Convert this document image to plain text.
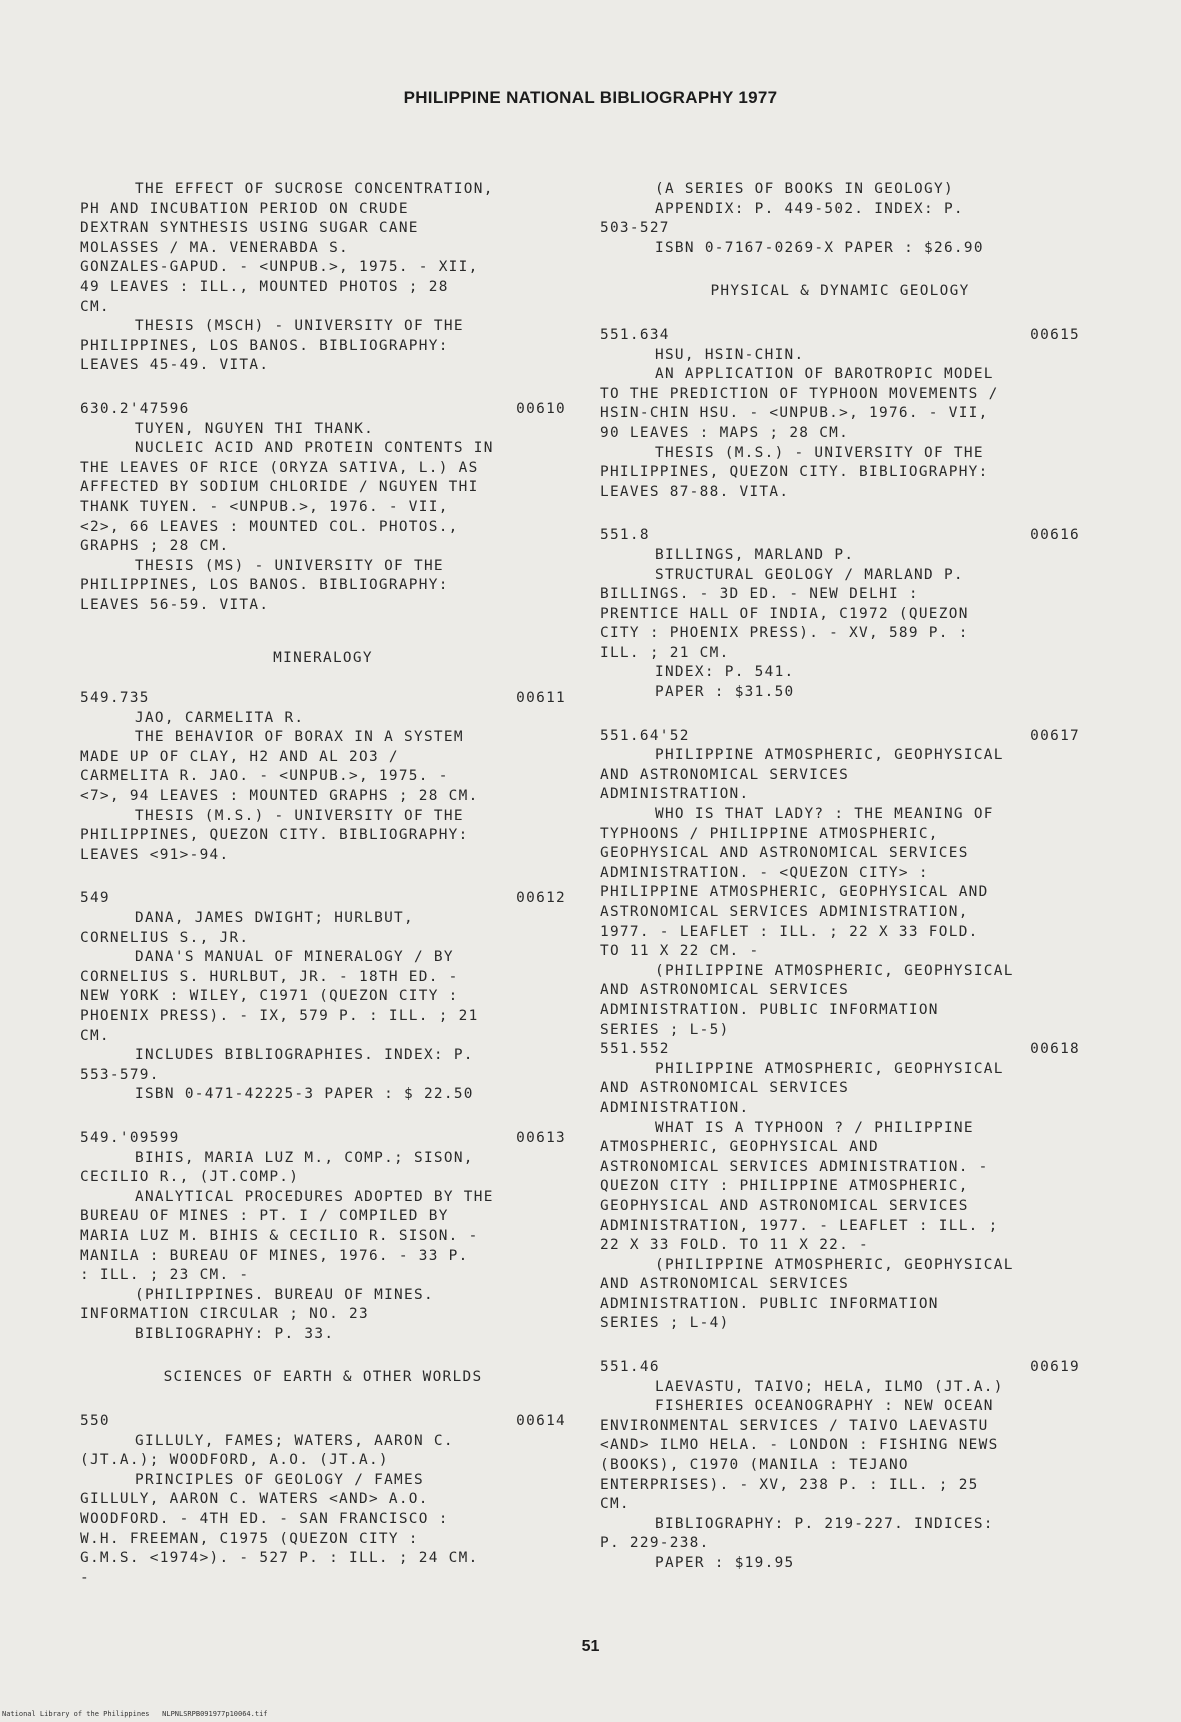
PHILIPPINE NATIONAL BIBLIOGRAPHY 1977
THE EFFECT OF SUCROSE CONCENTRATION,
PH AND INCUBATION PERIOD ON CRUDE
DEXTRAN SYNTHESIS USING SUGAR CANE
MOLASSES / MA. VENERABDA S.
GONZALES-GAPUD. - <UNPUB.>, 1975. - XII,
49 LEAVES : ILL., MOUNTED PHOTOS ; 28
CM.
THESIS (MSCH) - UNIVERSITY OF THE
PHILIPPINES, LOS BANOS. BIBLIOGRAPHY:
LEAVES 45-49. VITA.
630.2'47596	00610
TUYEN, NGUYEN THI THANK.
NUCLEIC ACID AND PROTEIN CONTENTS IN
THE LEAVES OF RICE (ORYZA SATIVA, L.) AS
AFFECTED BY SODIUM CHLORIDE / NGUYEN THI
THANK TUYEN. - <UNPUB.>, 1976. - VII,
<2>, 66 LEAVES : MOUNTED COL. PHOTOS.,
GRAPHS ; 28 CM.
THESIS (MS) - UNIVERSITY OF THE
PHILIPPINES, LOS BANOS. BIBLIOGRAPHY:
LEAVES 56-59. VITA.
MINERALOGY
549.735	00611
JAO, CARMELITA R.
THE BEHAVIOR OF BORAX IN A SYSTEM
MADE UP OF CLAY, H2 AND AL 2O3 /
CARMELITA R. JAO. - <UNPUB.>, 1975. -
<7>, 94 LEAVES : MOUNTED GRAPHS ; 28 CM.
THESIS (M.S.) - UNIVERSITY OF THE
PHILIPPINES, QUEZON CITY. BIBLIOGRAPHY:
LEAVES <91>-94.
549	00612
DANA, JAMES DWIGHT; HURLBUT,
CORNELIUS S., JR.
DANA'S MANUAL OF MINERALOGY / BY
CORNELIUS S. HURLBUT, JR. - 18TH ED. -
NEW YORK : WILEY, C1971 (QUEZON CITY :
PHOENIX PRESS). - IX, 579 P. : ILL. ; 21
CM.
INCLUDES BIBLIOGRAPHIES. INDEX: P.
553-579.
ISBN 0-471-42225-3 PAPER : $ 22.50
549.'09599	00613
BIHIS, MARIA LUZ M., COMP.; SISON,
CECILIO R., (JT.COMP.)
ANALYTICAL PROCEDURES ADOPTED BY THE
BUREAU OF MINES : PT. I / COMPILED BY
MARIA LUZ M. BIHIS & CECILIO R. SISON. -
MANILA : BUREAU OF MINES, 1976. - 33 P.
: ILL. ; 23 CM. -
(PHILIPPINES. BUREAU OF MINES.
INFORMATION CIRCULAR ; NO. 23
BIBLIOGRAPHY: P. 33.
SCIENCES OF EARTH & OTHER WORLDS
550	00614
GILLULY, FAMES; WATERS, AARON C.
(JT.A.); WOODFORD, A.O. (JT.A.)
PRINCIPLES OF GEOLOGY / FAMES
GILLULY, AARON C. WATERS <AND> A.O.
WOODFORD. - 4TH ED. - SAN FRANCISCO :
W.H. FREEMAN, C1975 (QUEZON CITY :
G.M.S. <1974>). - 527 P. : ILL. ; 24 CM.
-
(A SERIES OF BOOKS IN GEOLOGY)
APPENDIX: P. 449-502. INDEX: P.
503-527
ISBN 0-7167-0269-X PAPER : $26.90
PHYSICAL & DYNAMIC GEOLOGY
551.634	00615
HSU, HSIN-CHIN.
AN APPLICATION OF BAROTROPIC MODEL
TO THE PREDICTION OF TYPHOON MOVEMENTS /
HSIN-CHIN HSU. - <UNPUB.>, 1976. - VII,
90 LEAVES : MAPS ; 28 CM.
THESIS (M.S.) - UNIVERSITY OF THE
PHILIPPINES, QUEZON CITY. BIBLIOGRAPHY:
LEAVES 87-88. VITA.
551.8	00616
BILLINGS, MARLAND P.
STRUCTURAL GEOLOGY / MARLAND P.
BILLINGS. - 3D ED. - NEW DELHI :
PRENTICE HALL OF INDIA, C1972 (QUEZON
CITY : PHOENIX PRESS). - XV, 589 P. :
ILL. ; 21 CM.
INDEX: P. 541.
PAPER : $31.50
551.64'52	00617
PHILIPPINE ATMOSPHERIC, GEOPHYSICAL
AND ASTRONOMICAL SERVICES
ADMINISTRATION.
WHO IS THAT LADY? : THE MEANING OF
TYPHOONS / PHILIPPINE ATMOSPHERIC,
GEOPHYSICAL AND ASTRONOMICAL SERVICES
ADMINISTRATION. - <QUEZON CITY> :
PHILIPPINE ATMOSPHERIC, GEOPHYSICAL AND
ASTRONOMICAL SERVICES ADMINISTRATION,
1977. - LEAFLET : ILL. ; 22 X 33 FOLD.
TO 11 X 22 CM. -
(PHILIPPINE ATMOSPHERIC, GEOPHYSICAL
AND ASTRONOMICAL SERVICES
ADMINISTRATION. PUBLIC INFORMATION
SERIES ; L-5)
551.552	00618
PHILIPPINE ATMOSPHERIC, GEOPHYSICAL
AND ASTRONOMICAL SERVICES
ADMINISTRATION.
WHAT IS A TYPHOON ? / PHILIPPINE
ATMOSPHERIC, GEOPHYSICAL AND
ASTRONOMICAL SERVICES ADMINISTRATION. -
QUEZON CITY : PHILIPPINE ATMOSPHERIC,
GEOPHYSICAL AND ASTRONOMICAL SERVICES
ADMINISTRATION, 1977. - LEAFLET : ILL. ;
22 X 33 FOLD. TO 11 X 22. -
(PHILIPPINE ATMOSPHERIC, GEOPHYSICAL
AND ASTRONOMICAL SERVICES
ADMINISTRATION. PUBLIC INFORMATION
SERIES ; L-4)
551.46	00619
LAEVASTU, TAIVO; HELA, ILMO (JT.A.)
FISHERIES OCEANOGRAPHY : NEW OCEAN
ENVIRONMENTAL SERVICES / TAIVO LAEVASTU
<AND> ILMO HELA. - LONDON : FISHING NEWS
(BOOKS), C1970 (MANILA : TEJANO
ENTERPRISES). - XV, 238 P. : ILL. ; 25
CM.
BIBLIOGRAPHY: P. 219-227. INDICES:
P. 229-238.
PAPER : $19.95
51
National Library of the Philippines   NLPNLSRPB091977p10064.tif
